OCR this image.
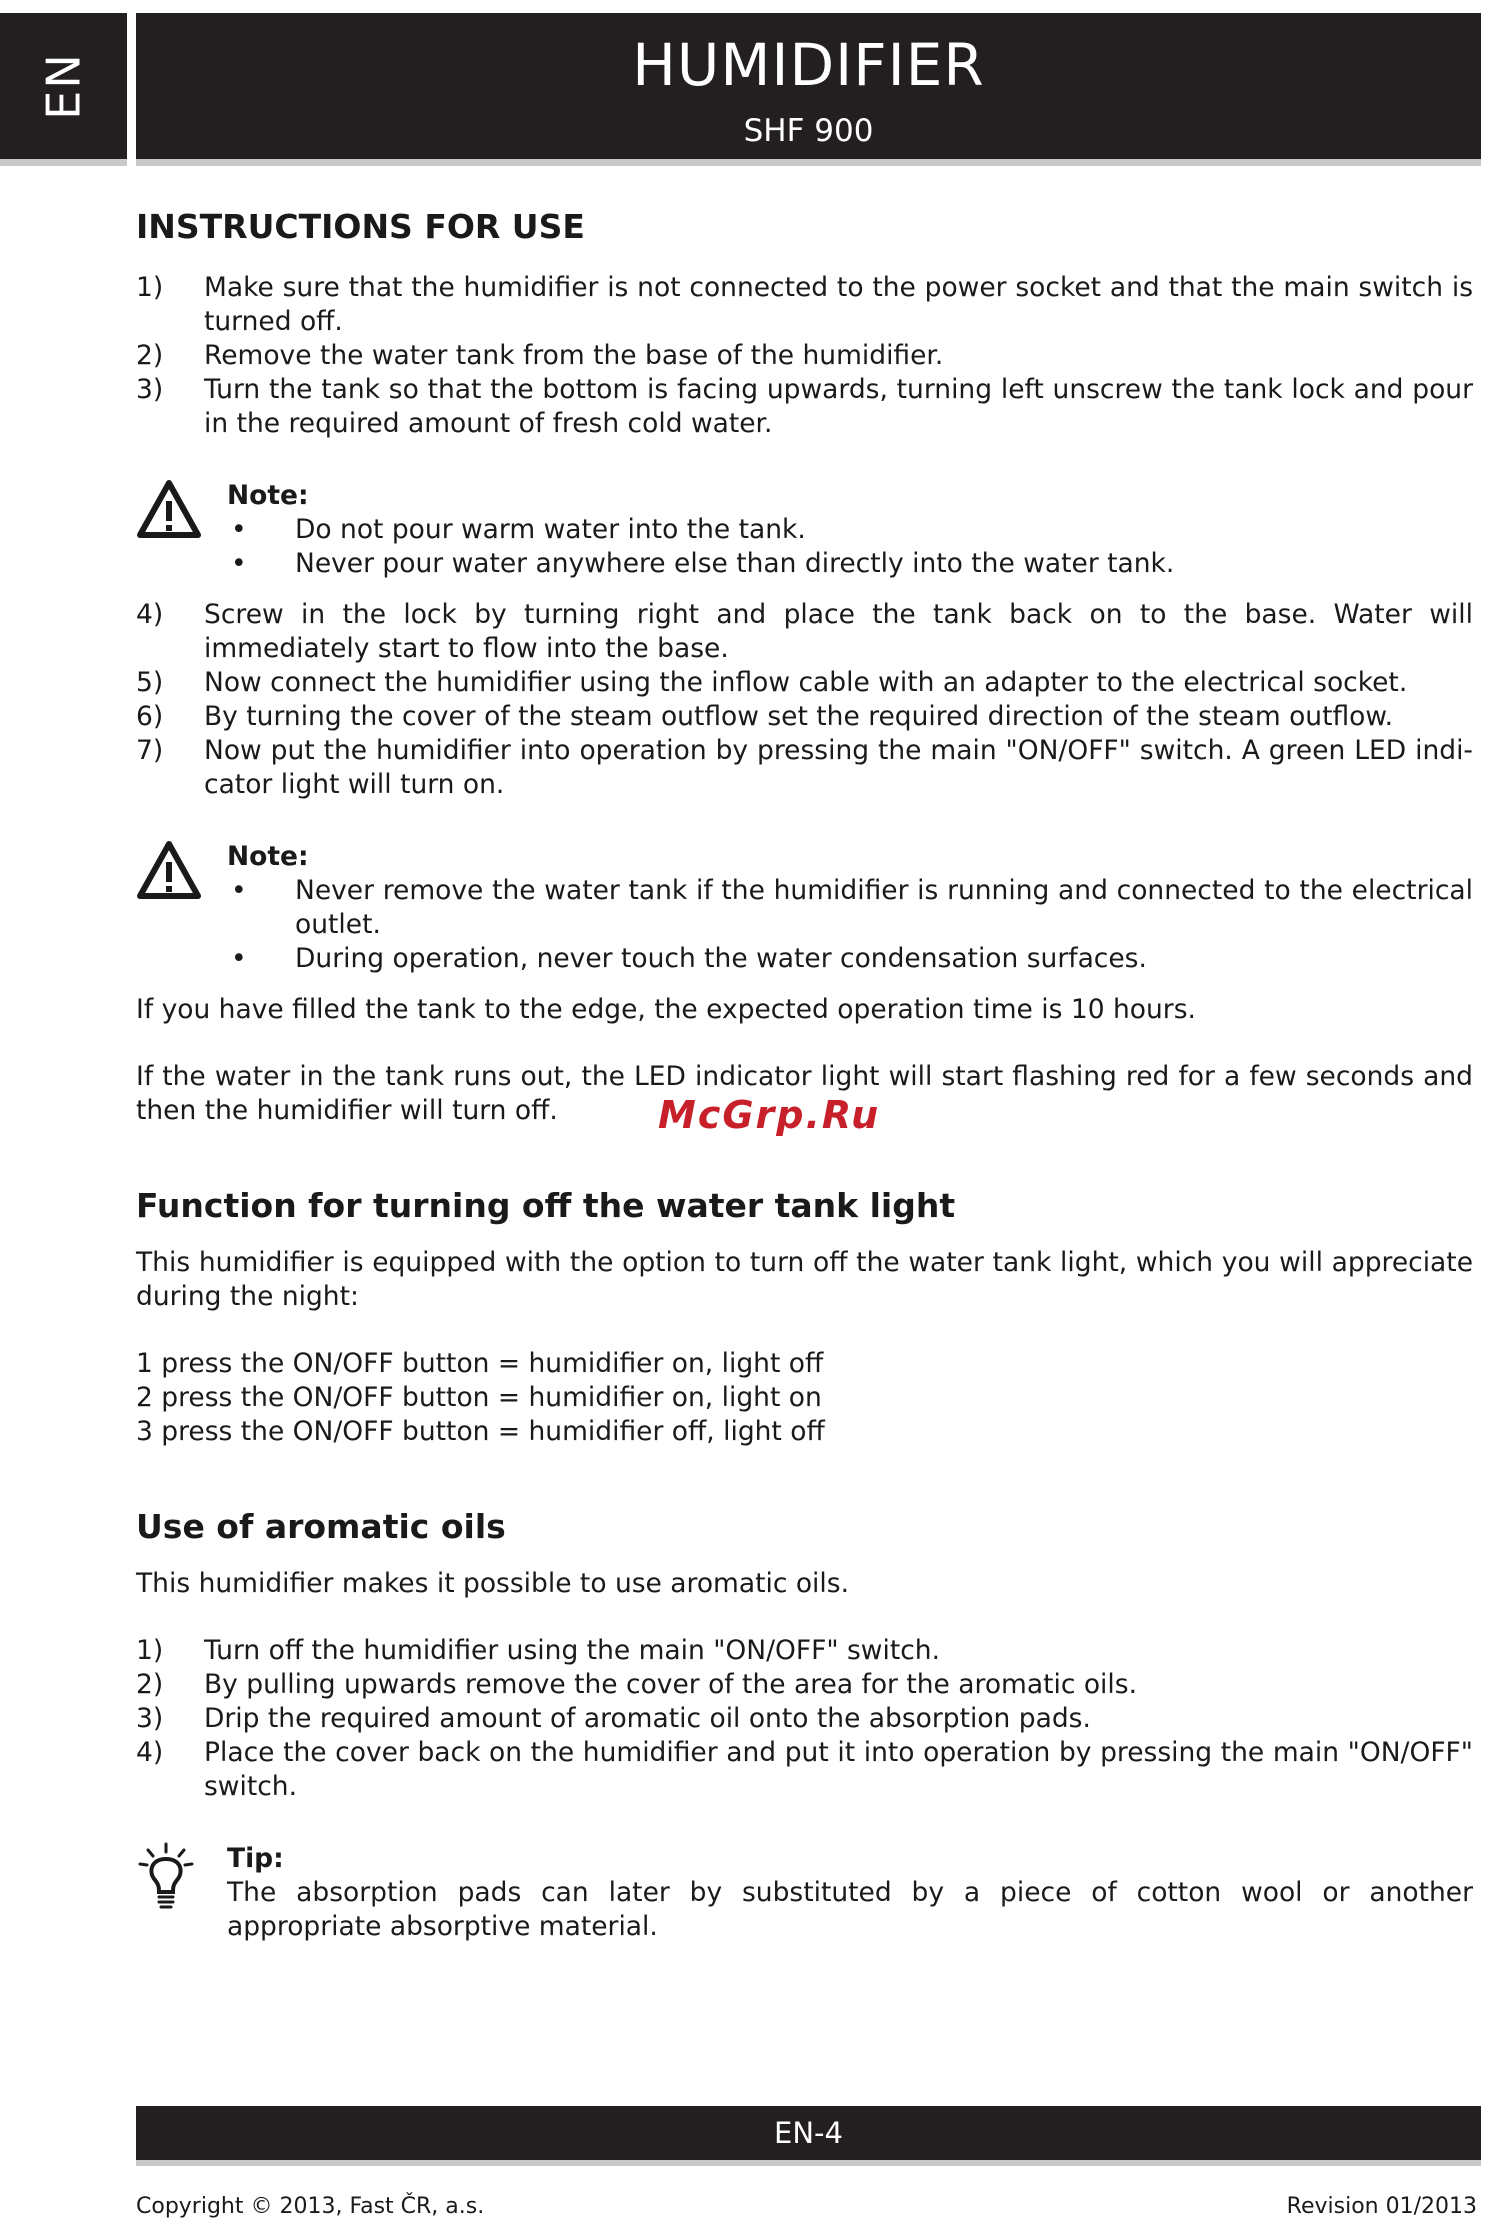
EN	HUMIDIFIER
SHF 900
INSTRUCTIONS FOR USE
1)	Make sure that the humidifier is not connected to the power socket and that the main switch is turned off.
2)	Remove the water tank from the base of the humidifier.
3)	Turn the tank so that the bottom is facing upwards, turning left unscrew the tank lock and pour in the required amount of fresh cold water.
Note:
•	Do not pour warm water into the tank.
•	Never pour water anywhere else than directly into the water tank.
4)	Screw in the lock by turning right and place the tank back on to the base. Water will immediately start to flow into the base.
5)	Now connect the humidifier using the inflow cable with an adapter to the electrical socket.
6)	By turning the cover of the steam outflow set the required direction of the steam outflow.
7)	Now put the humidifier into operation by pressing the main "ON/OFF" switch. A green LED indi-cator light will turn on.
Note:
•	Never remove the water tank if the humidifier is running and connected to the electrical outlet.
•	During operation, never touch the water condensation surfaces.

If you have filled the tank to the edge, the expected operation time is 10 hours.

If the water in the tank runs out, the LED indicator light will start flashing red for a few seconds and then the humidifier will turn off.

Function for turning off the water tank light

This humidifier is equipped with the option to turn off the water tank light, which you will appreciate during the night:

1 press the ON/OFF button = humidifier on, light off
2 press the ON/OFF button = humidifier on, light on
3 press the ON/OFF button = humidifier off, light off
Use of aromatic oils

This humidifier makes it possible to use aromatic oils.

1)	Turn off the humidifier using the main "ON/OFF" switch.
2)	By pulling upwards remove the cover of the area for the aromatic oils.
3)	Drip the required amount of aromatic oil onto the absorption pads.
4)	Place the cover back on the humidifier and put it into operation by pressing the main "ON/OFF" switch.
Tip:

The absorption pads can later by substituted by a piece of cotton wool or another appropriate absorptive material.

McGrp.Ru
EN-4
Copyright © 2013, Fast ČR, a.s.	Revision 01/2013
